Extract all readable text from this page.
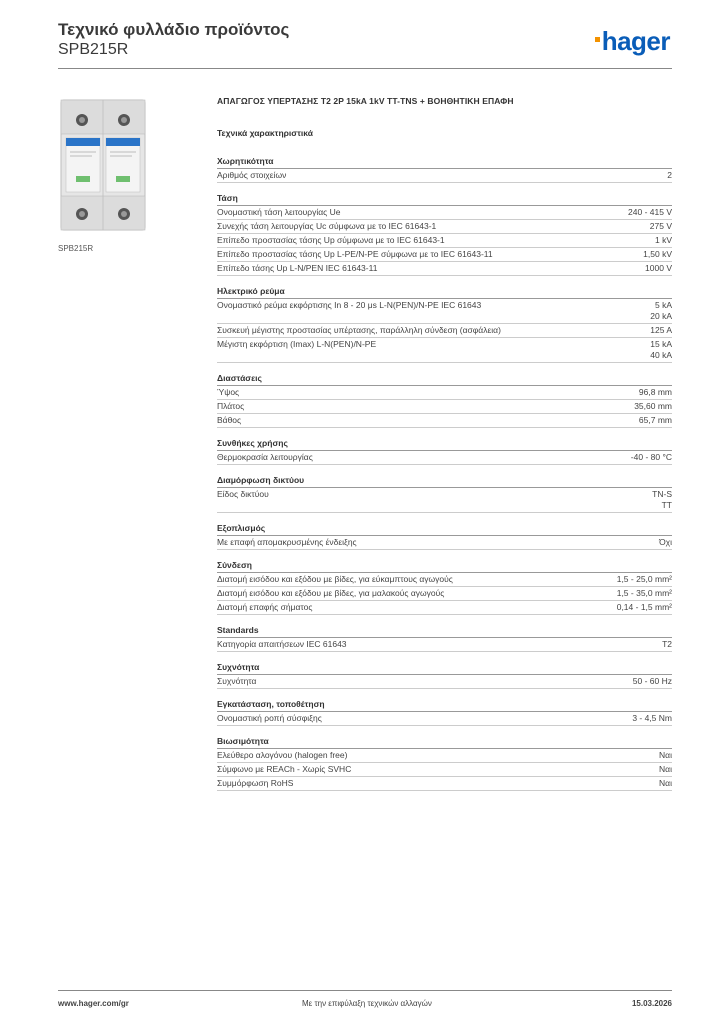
Τεχνικό φυλλάδιο προϊόντος
SPB215R	hager
SPB215R
ΑΠΑΓΩΓΟΣ ΥΠΕΡΤΑΣΗΣ T2 2P 15kA 1kV TT-TNS + ΒΟΗΘΗΤΙΚΗ ΕΠΑΦΗ
Τεχνικά χαρακτηριστικά
Χωρητικότητα
Αριθμός στοιχείων	2
Τάση
Ονομαστική τάση λειτουργίας Ue	240 - 415 V
Συνεχής τάση λειτουργίας Uc σύμφωνα με το IEC 61643-1	275 V
Επίπεδο προστασίας τάσης Up σύμφωνα με το IEC 61643-1	1 kV
Επίπεδο προστασίας τάσης Up L-PE/N-PE σύμφωνα με το IEC 61643-11	1,50 kV
Επίπεδο τάσης Up L-N/PEN IEC 61643-11	1000 V
Ηλεκτρικό ρεύμα
Ονομαστικό ρεύμα εκφόρτισης In 8 - 20 μs L-N(PEN)/N-PE IEC 61643	5 kA
20 kA
Συσκευή μέγιστης προστασίας υπέρτασης, παράλληλη σύνδεση (ασφάλεια)	125 A
Μέγιστη εκφόρτιση (Imax) L-N(PEN)/N-PE	15 kA
40 kA
Διαστάσεις
Ύψος	96,8 mm
Πλάτος	35,60 mm
Βάθος	65,7 mm
Συνθήκες χρήσης
Θερμοκρασία λειτουργίας	-40 - 80 °C
Διαμόρφωση δικτύου
Είδος δικτύου	TN-S
TT
Εξοπλισμός
Με επαφή απομακρυσμένης ένδειξης	Όχι
Σύνδεση
Διατομή εισόδου και εξόδου με βίδες, για εύκαμπτους αγωγούς	1,5 - 25,0 mm²
Διατομή εισόδου και εξόδου με βίδες, για μαλακούς αγωγούς	1,5 - 35,0 mm²
Διατομή επαφής σήματος	0,14 - 1,5 mm²
Standards
Κατηγορία απαιτήσεων IEC 61643	T2
Συχνότητα
Συχνότητα	50 - 60 Hz
Εγκατάσταση, τοποθέτηση
Ονομαστική ροπή σύσφιξης	3 - 4,5 Nm
Βιωσιμότητα
Ελεύθερο αλογόνου (halogen free)	Ναι
Σύμφωνο με REACh - Χωρίς SVHC	Ναι
Συμμόρφωση RoHS	Ναι
www.hager.com/gr	Με την επιφύλαξη τεχνικών αλλαγών	15.03.2026
